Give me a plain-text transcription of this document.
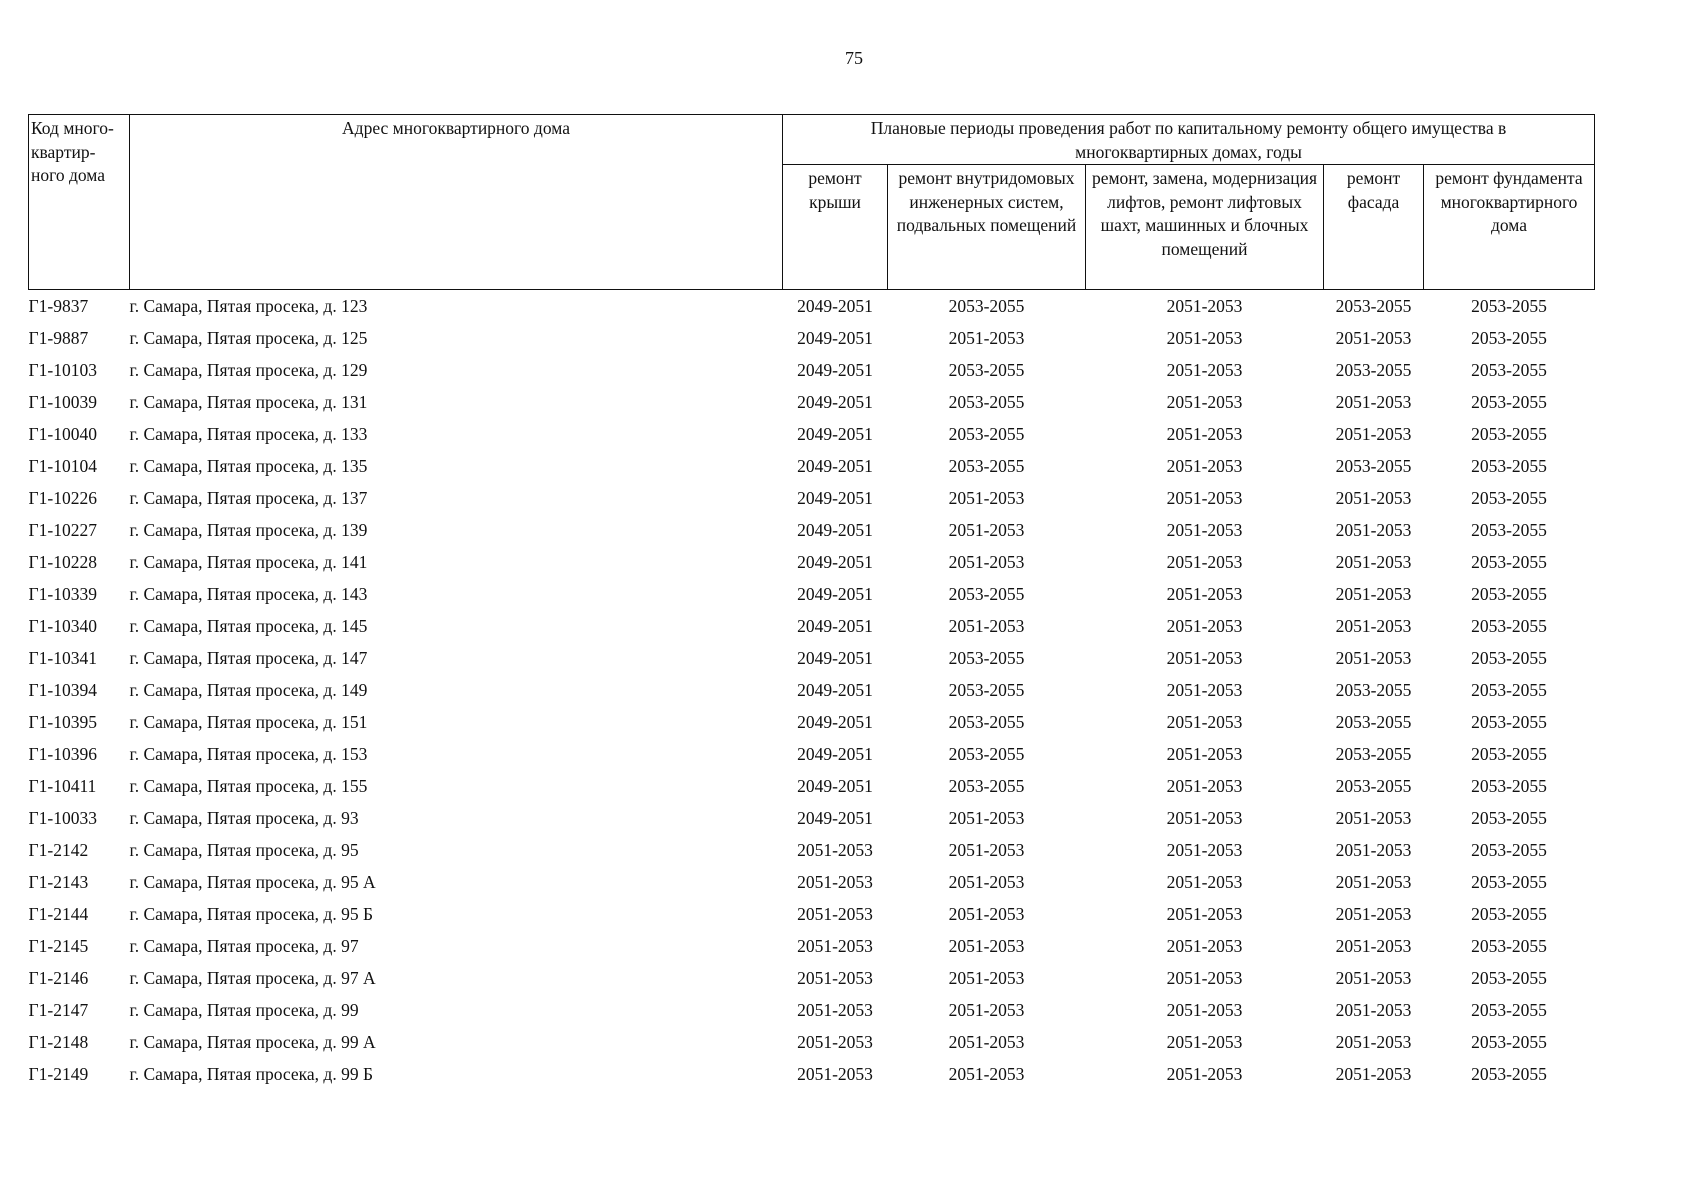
75
Код много-квартир-ного дома	Адрес многоквартирного дома	Плановые периоды проведения работ по капитальному ремонту общего имущества в многоквартирных домах, годы				
		ремонт крыши	ремонт внутридомовых инженерных систем, подвальных помещений	ремонт, замена, модернизация лифтов, ремонт лифтовых шахт, машинных и блочных помещений	ремонт фасада	ремонт фундамента многоквартирного дома
Г1-9837	г. Самара, Пятая просека, д. 123	2049-2051	2053-2055	2051-2053	2053-2055	2053-2055
Г1-9887	г. Самара, Пятая просека, д. 125	2049-2051	2051-2053	2051-2053	2051-2053	2053-2055
Г1-10103	г. Самара, Пятая просека, д. 129	2049-2051	2053-2055	2051-2053	2053-2055	2053-2055
Г1-10039	г. Самара, Пятая просека, д. 131	2049-2051	2053-2055	2051-2053	2051-2053	2053-2055
Г1-10040	г. Самара, Пятая просека, д. 133	2049-2051	2053-2055	2051-2053	2051-2053	2053-2055
Г1-10104	г. Самара, Пятая просека, д. 135	2049-2051	2053-2055	2051-2053	2053-2055	2053-2055
Г1-10226	г. Самара, Пятая просека, д. 137	2049-2051	2051-2053	2051-2053	2051-2053	2053-2055
Г1-10227	г. Самара, Пятая просека, д. 139	2049-2051	2051-2053	2051-2053	2051-2053	2053-2055
Г1-10228	г. Самара, Пятая просека, д. 141	2049-2051	2051-2053	2051-2053	2051-2053	2053-2055
Г1-10339	г. Самара, Пятая просека, д. 143	2049-2051	2053-2055	2051-2053	2051-2053	2053-2055
Г1-10340	г. Самара, Пятая просека, д. 145	2049-2051	2051-2053	2051-2053	2051-2053	2053-2055
Г1-10341	г. Самара, Пятая просека, д. 147	2049-2051	2053-2055	2051-2053	2051-2053	2053-2055
Г1-10394	г. Самара, Пятая просека, д. 149	2049-2051	2053-2055	2051-2053	2053-2055	2053-2055
Г1-10395	г. Самара, Пятая просека, д. 151	2049-2051	2053-2055	2051-2053	2053-2055	2053-2055
Г1-10396	г. Самара, Пятая просека, д. 153	2049-2051	2053-2055	2051-2053	2053-2055	2053-2055
Г1-10411	г. Самара, Пятая просека, д. 155	2049-2051	2053-2055	2051-2053	2053-2055	2053-2055
Г1-10033	г. Самара, Пятая просека, д. 93	2049-2051	2051-2053	2051-2053	2051-2053	2053-2055
Г1-2142	г. Самара, Пятая просека, д. 95	2051-2053	2051-2053	2051-2053	2051-2053	2053-2055
Г1-2143	г. Самара, Пятая просека, д. 95 А	2051-2053	2051-2053	2051-2053	2051-2053	2053-2055
Г1-2144	г. Самара, Пятая просека, д. 95 Б	2051-2053	2051-2053	2051-2053	2051-2053	2053-2055
Г1-2145	г. Самара, Пятая просека, д. 97	2051-2053	2051-2053	2051-2053	2051-2053	2053-2055
Г1-2146	г. Самара, Пятая просека, д. 97 А	2051-2053	2051-2053	2051-2053	2051-2053	2053-2055
Г1-2147	г. Самара, Пятая просека, д. 99	2051-2053	2051-2053	2051-2053	2051-2053	2053-2055
Г1-2148	г. Самара, Пятая просека, д. 99 А	2051-2053	2051-2053	2051-2053	2051-2053	2053-2055
Г1-2149	г. Самара, Пятая просека, д. 99 Б	2051-2053	2051-2053	2051-2053	2051-2053	2053-2055
